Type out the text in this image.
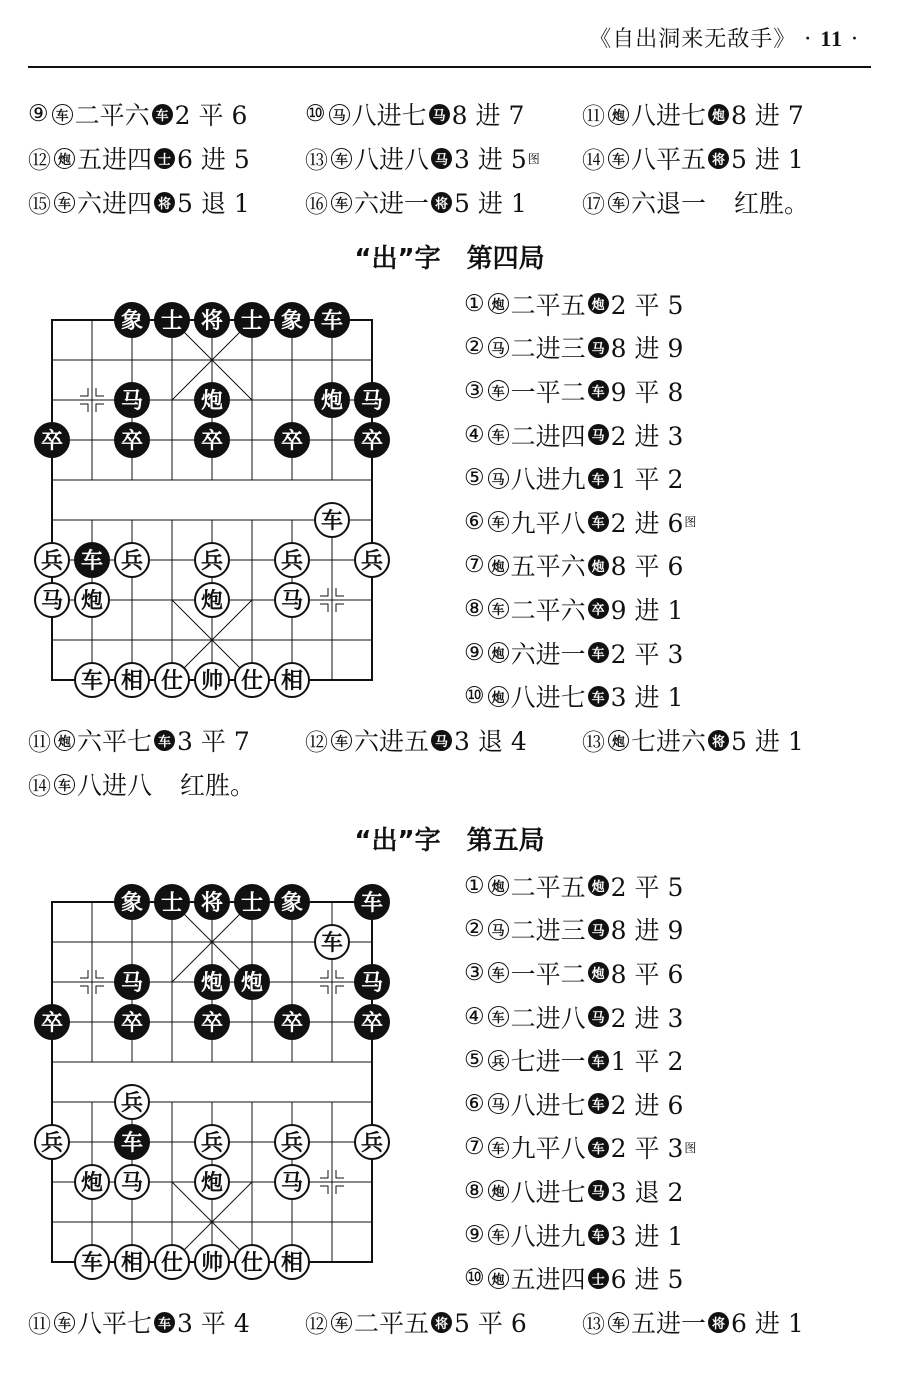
《自出洞来无敌手》 · 11 ·
⑨ 车 二平六 车 2 平 6	⑩ 马 八进七 马 8 进 7	⑪ 炮 八进七 炮 8 进 7
⑫ 炮 五进四 士 6 进 5 ⑬ 车 八进八 马 3 进 5 图 ⑭ 车 八平五 将 5 进 1
⑮ 车 六进四 将 5 退 1 ⑯ 车 六进一 将 5 进 1 ⑰ 车 六退一 红胜。
“出”字　第四局
象 士 将 士 象 车
马	炮	炮 马
卒	卒	卒	卒	卒
车
兵 车 兵	兵	兵	兵
马 炮	炮	马
车 相 仕 帅 仕 相
① 炮 二平五 炮 2 平 5
② 马 二进三 马 8 进 9
③ 车 一平二 车 9 平 8
④ 车 二进四 马 2 进 3
⑤ 马 八进九 车 1 平 2
⑥ 车 九平八 车 2 进 6 图
⑦ 炮 五平六 炮 8 平 6
⑧ 车 二平六 卒 9 进 1
⑨ 炮 六进一 车 2 平 3
⑩ 炮 八进七 车 3 进 1
⑪ 炮 六平七 车 3 平 7 ⑫ 车 六进五 马 3 退 4 ⑬ 炮 七进六 将 5 进 1
⑭ 车 八进八 红胜。
“出”字　第五局
象 士 将 士 象	车
车
马	炮 炮	马
卒	卒	卒	卒	卒
兵
兵	车	兵	兵	兵
炮 马	炮	马
车 相 仕 帅 仕 相
① 炮 二平五 炮 2 平 5
② 马 二进三 马 8 进 9
③ 车 一平二 炮 8 平 6
④ 车 二进八 马 2 进 3
⑤ 兵 七进一 车 1 平 2
⑥ 马 八进七 车 2 进 6
⑦ 车 九平八 车 2 平 3 图
⑧ 炮 八进七 马 3 退 2
⑨ 车 八进九 车 3 进 1
⑩ 炮 五进四 士 6 进 5
⑪ 车 八平七 车 3 平 4 ⑫ 车 二平五 将 5 平 6 ⑬ 车 五进一 将 6 进 1
